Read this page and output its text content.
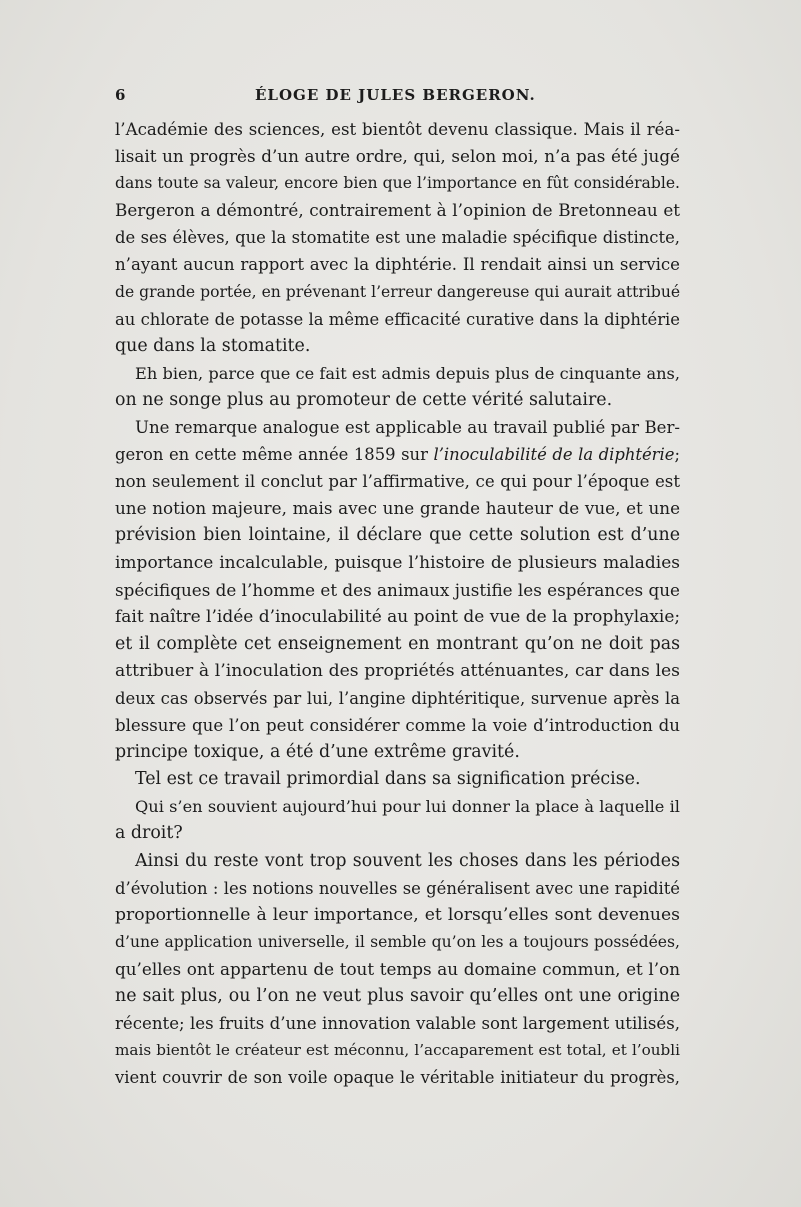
6	ÉLOGE DE JULES BERGERON.
l’Académie des sciences, est bientôt devenu classique. Mais il réa-
lisait un progrès d’un autre ordre, qui, selon moi, n’a pas été jugé
dans toute sa valeur, encore bien que l’importance en fût considérable.
Bergeron a démontré, contrairement à l’opinion de Bretonneau et
de ses élèves, que la stomatite est une maladie spécifique distincte,
n’ayant aucun rapport avec la diphtérie. Il rendait ainsi un service
de grande portée, en prévenant l’erreur dangereuse qui aurait attribué
au chlorate de potasse la même efficacité curative dans la diphtérie
que dans la stomatite.
Eh bien, parce que ce fait est admis depuis plus de cinquante ans,
on ne songe plus au promoteur de cette vérité salutaire.
Une remarque analogue est applicable au travail publié par Ber-
geron en cette même année 1859 sur l’inoculabilité de la diphtérie;
non seulement il conclut par l’affirmative, ce qui pour l’époque est
une notion majeure, mais avec une grande hauteur de vue, et une
prévision bien lointaine, il déclare que cette solution est d’une
importance incalculable, puisque l’histoire de plusieurs maladies
spécifiques de l’homme et des animaux justifie les espérances que
fait naître l’idée d’inoculabilité au point de vue de la prophylaxie;
et il complète cet enseignement en montrant qu’on ne doit pas
attribuer à l’inoculation des propriétés atténuantes, car dans les
deux cas observés par lui, l’angine diphtéritique, survenue après la
blessure que l’on peut considérer comme la voie d’introduction du
principe toxique, a été d’une extrême gravité.
Tel est ce travail primordial dans sa signification précise.
Qui s’en souvient aujourd’hui pour lui donner la place à laquelle il
a droit?
Ainsi du reste vont trop souvent les choses dans les périodes
d’évolution : les notions nouvelles se généralisent avec une rapidité
proportionnelle à leur importance, et lorsqu’elles sont devenues
d’une application universelle, il semble qu’on les a toujours possédées,
qu’elles ont appartenu de tout temps au domaine commun, et l’on
ne sait plus, ou l’on ne veut plus savoir qu’elles ont une origine
récente; les fruits d’une innovation valable sont largement utilisés,
mais bientôt le créateur est méconnu, l’accaparement est total, et l’oubli
vient couvrir de son voile opaque le véritable initiateur du progrès,
